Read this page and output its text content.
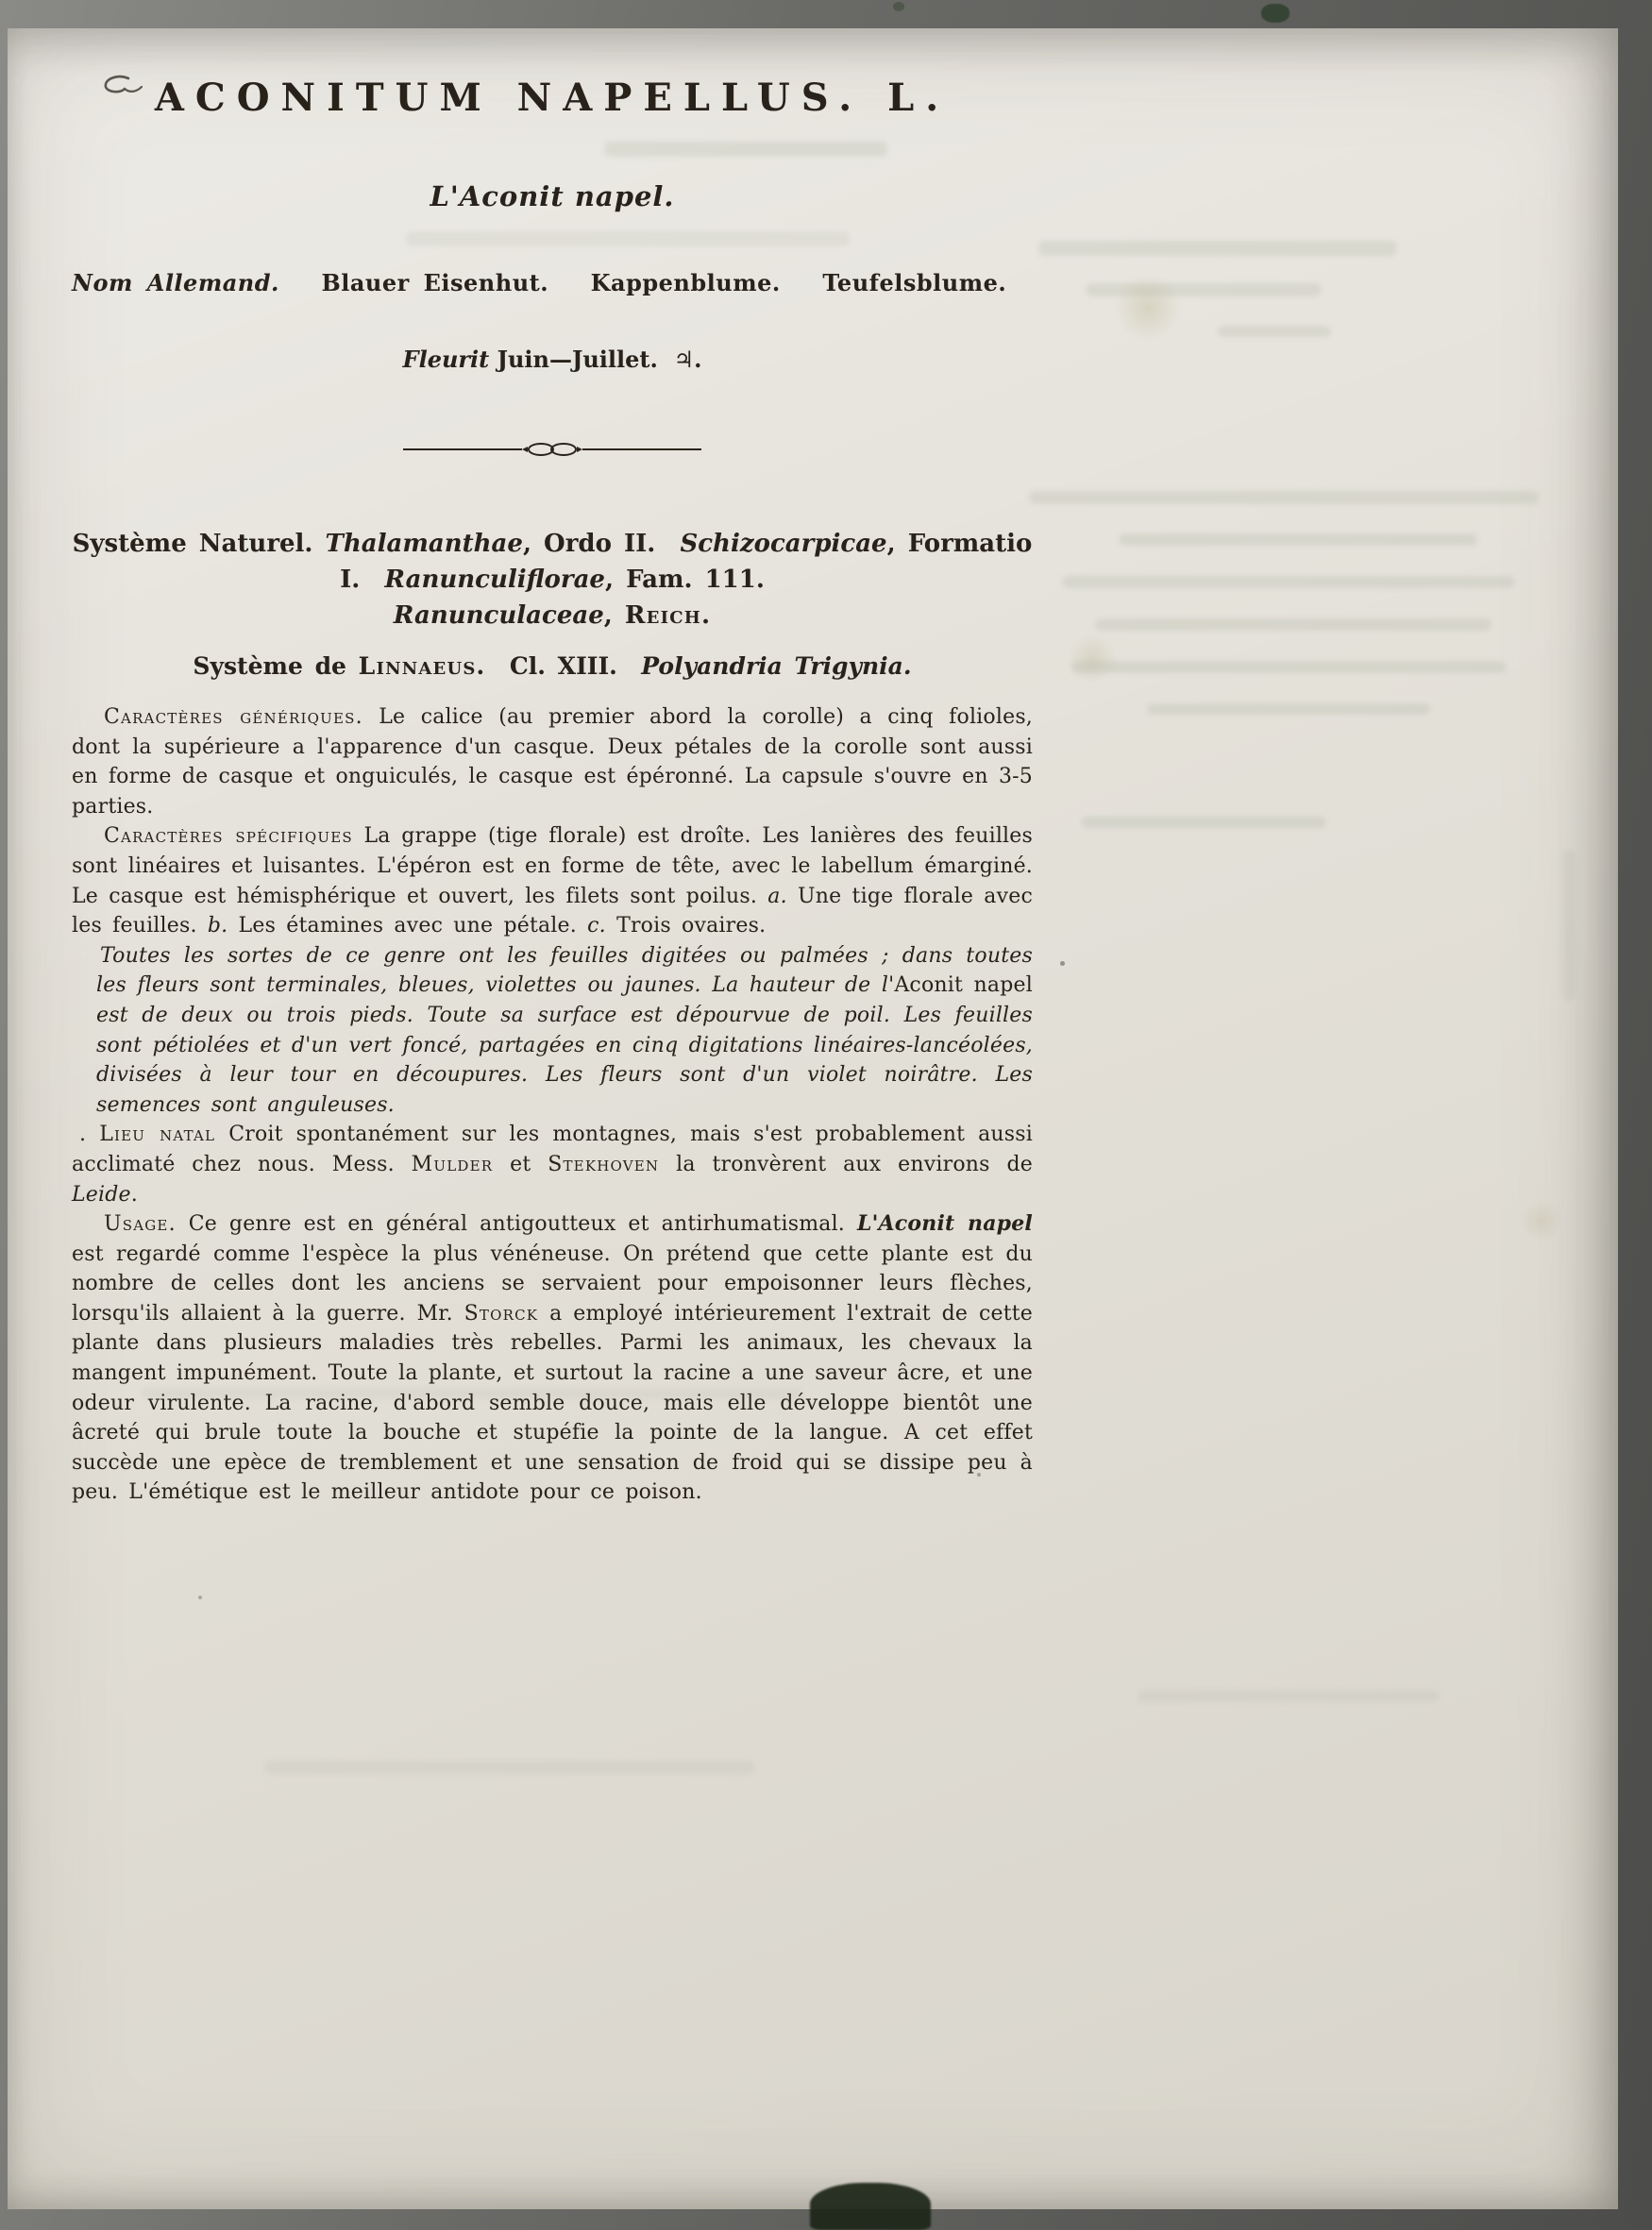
ACONITUM NAPELLUS. L.
L'Aconit napel.

Nom Allemand. Blauer Eisenhut. Kappenblume. Teufelsblume.

Fleurit Juin—Juillet.  ♃.

Système Naturel. Thalamanthae, Ordo II.  Schizocarpicae, Formatio I.  Ranunculiflorae, Fam. 111.

Ranunculaceae, Reich.

Système de Linnaeus.  Cl. XIII.  Polyandria Trigynia.

Caractères génériques. Le calice (au premier abord la corolle) a cinq folioles, dont la supérieure a l'apparence d'un casque. Deux pétales de la corolle sont aussi en forme de casque et onguiculés, le casque est épéronné. La capsule s'ouvre en 3-5 parties.

Caractères spécifiques La grappe (tige florale) est droîte. Les lanières des feuilles sont linéaires et luisantes. L'épéron est en forme de tête, avec le labellum émarginé. Le casque est hémisphérique et ouvert, les filets sont poilus. a. Une tige florale avec les feuilles. b. Les étamines avec une pétale. c. Trois ovaires.

Toutes les sortes de ce genre ont les feuilles digitées ou palmées ; dans toutes les fleurs sont terminales, bleues, violettes ou jaunes. La hauteur de l'Aconit napel est de deux ou trois pieds. Toute sa surface est dépourvue de poil. Les feuilles sont pétiolées et d'un vert foncé, partagées en cinq digitations linéaires-lancéolées, divisées à leur tour en découpures. Les fleurs sont d'un violet noirâtre. Les semences sont anguleuses.

. Lieu natal Croit spontanément sur les montagnes, mais s'est probablement aussi acclimaté chez nous. Mess. Mulder et Stekhoven la tronvèrent aux environs de Leide.

Usage. Ce genre est en général antigoutteux et antirhumatismal. L'Aconit napel est regardé comme l'espèce la plus vénéneuse. On prétend que cette plante est du nombre de celles dont les anciens se servaient pour empoisonner leurs flèches, lorsqu'ils allaient à la guerre. Mr. Storck a employé intérieurement l'extrait de cette plante dans plusieurs maladies très rebelles. Parmi les animaux, les chevaux la mangent impunément. Toute la plante, et surtout la racine a une saveur âcre, et une odeur virulente. La racine, d'abord semble douce, mais elle développe bientôt une âcreté qui brule toute la bouche et stupéfie la pointe de la langue. A cet effet succède une epèce de tremblement et une sensation de froid qui se dissipe peu à peu. L'émétique est le meilleur antidote pour ce poison.
